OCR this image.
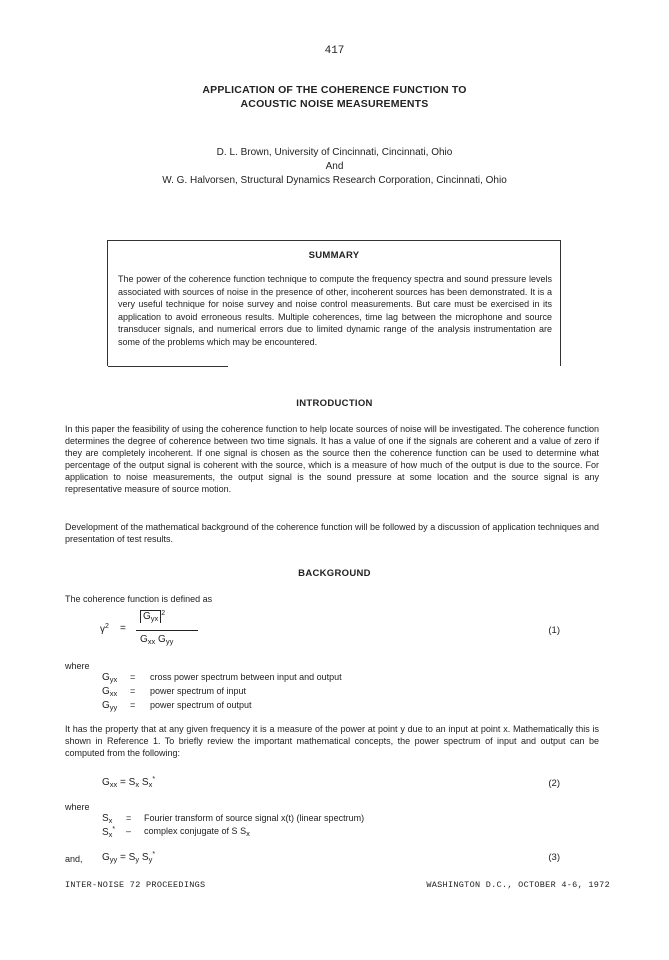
417
APPLICATION OF THE COHERENCE FUNCTION TO
ACOUSTIC NOISE MEASUREMENTS
D. L. Brown, University of Cincinnati, Cincinnati, Ohio
And
W. G. Halvorsen, Structural Dynamics Research Corporation, Cincinnati, Ohio
SUMMARY
The power of the coherence function technique to compute the frequency spectra and sound pressure levels associated with sources of noise in the presence of other, incoherent sources has been demonstrated. It is a very useful technique for noise survey and noise control measurements. But care must be exercised in its application to avoid erroneous results. Multiple coherences, time lag between the microphone and source transducer signals, and numerical errors due to limited dynamic range of the analysis instrumentation are some of the problems which may be encountered.
INTRODUCTION
In this paper the feasibility of using the coherence function to help locate sources of noise will be investigated. The coherence function determines the degree of coherence between two time signals. It has a value of one if the signals are coherent and a value of zero if they are completely incoherent. If one signal is chosen as the source then the coherence function can be used to determine what percentage of the output signal is coherent with the source, which is a measure of how much of the output is due to the source. For application to noise measurements, the output signal is the sound pressure at some location and the source signal is any representative measure of source motion.
Development of the mathematical background of the coherence function will be followed by a discussion of application techniques and presentation of test results.
BACKGROUND
The coherence function is defined as
$\gamma^2$ =
$G_{yx}^2$
$G_{xx}$ $G_{yy}$
(1)
where
$G_{yx}$ = cross power spectrum between input and output
$G_{xx}$ = power spectrum of input
$G_{yy}$ = power spectrum of output
It has the property that at any given frequency it is a measure of the power at point y due to an input at point x. Mathematically this is shown in Reference 1. To briefly review the important mathematical concepts, the power spectrum of input and output can be computed from the following:
$G_{xx} = S_x$ $S_x^*$	(2)
where
$S_x$ = Fourier transform of source signal x(t) (linear spectrum)
$S_x^*$ – complex conjugate of S $S_x$
and, $G_{yy} = S_y$ $S_y^*$	(3)
INTER-NOISE 72 PROCEEDINGS	WASHINGTON D.C., OCTOBER 4-6, 1972
